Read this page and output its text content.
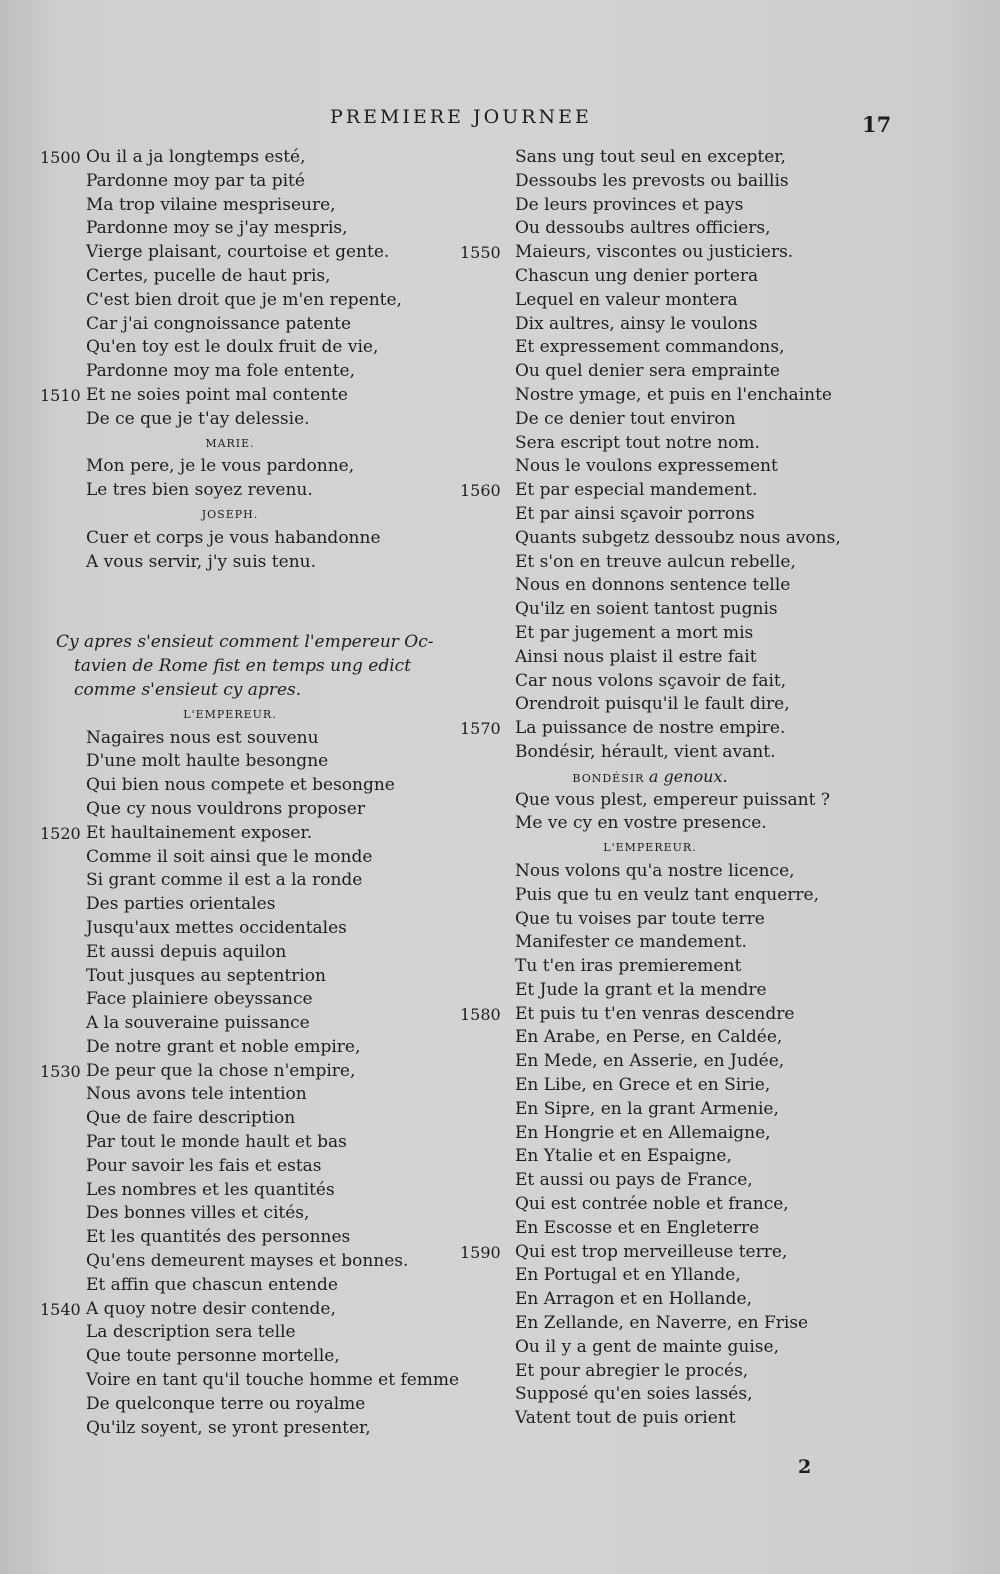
PREMIERE JOURNEE	17
1500 Ou il a ja longtemps esté,
Pardonne moy par ta pité
Ma trop vilaine mespriseure,
Pardonne moy se j'ay mespris,
Vierge plaisant, courtoise et gente.
Certes, pucelle de haut pris,
C'est bien droit que je m'en repente,
Car j'ai congnoissance patente
Qu'en toy est le doulx fruit de vie,
Pardonne moy ma fole entente,
1510 Et ne soies point mal contente
De ce que je t'ay delessie.
MARIE.
Mon pere, je le vous pardonne,
Le tres bien soyez revenu.
JOSEPH.
Cuer et corps je vous habandonne
A vous servir, j'y suis tenu.
Cy apres s'ensieut comment l'empereur Oc-
tavien de Rome fist en temps ung edict
comme s'ensieut cy apres.
L'EMPEREUR.
Nagaires nous est souvenu
D'une molt haulte besongne
Qui bien nous compete et besongne
Que cy nous vouldrons proposer
1520 Et haultainement exposer.
Comme il soit ainsi que le monde
Si grant comme il est a la ronde
Des parties orientales
Jusqu'aux mettes occidentales
Et aussi depuis aquilon
Tout jusques au septentrion
Face plainiere obeyssance
A la souveraine puissance
De notre grant et noble empire,
1530 De peur que la chose n'empire,
Nous avons tele intention
Que de faire description
Par tout le monde hault et bas
Pour savoir les fais et estas
Les nombres et les quantités
Des bonnes villes et cités,
Et les quantités des personnes
Qu'ens demeurent mayses et bonnes.
Et affin que chascun entende
1540 A quoy notre desir contende,
La description sera telle
Que toute personne mortelle,
Voire en tant qu'il touche homme et femme
De quelconque terre ou royalme
Qu'ilz soyent, se yront presenter,
Sans ung tout seul en excepter,
Dessoubs les prevosts ou baillis
De leurs provinces et pays
Ou dessoubs aultres officiers,
1550 Maieurs, viscontes ou justiciers.
Chascun ung denier portera
Lequel en valeur montera
Dix aultres, ainsy le voulons
Et expressement commandons,
Ou quel denier sera emprainte
Nostre ymage, et puis en l'enchainte
De ce denier tout environ
Sera escript tout notre nom.
Nous le voulons expressement
1560 Et par especial mandement.
Et par ainsi sçavoir porrons
Quants subgetz dessoubz nous avons,
Et s'on en treuve aulcun rebelle,
Nous en donnons sentence telle
Qu'ilz en soient tantost pugnis
Et par jugement a mort mis
Ainsi nous plaist il estre fait
Car nous volons sçavoir de fait,
Orendroit puisqu'il le fault dire,
1570 La puissance de nostre empire.
Bondésir, hérault, vient avant.
BONDÉSIR a genoux.
Que vous plest, empereur puissant ?
Me ve cy en vostre presence.
L'EMPEREUR.
Nous volons qu'a nostre licence,
Puis que tu en veulz tant enquerre,
Que tu voises par toute terre
Manifester ce mandement.
Tu t'en iras premierement
Et Jude la grant et la mendre
1580 Et puis tu t'en venras descendre
En Arabe, en Perse, en Caldée,
En Mede, en Asserie, en Judée,
En Libe, en Grece et en Sirie,
En Sipre, en la grant Armenie,
En Hongrie et en Allemaigne,
En Ytalie et en Espaigne,
Et aussi ou pays de France,
Qui est contrée noble et france,
En Escosse et en Engleterre
1590 Qui est trop merveilleuse terre,
En Portugal et en Yllande,
En Arragon et en Hollande,
En Zellande, en Naverre, en Frise
Ou il y a gent de mainte guise,
Et pour abregier le procés,
Supposé qu'en soies lassés,
Vatent tout de puis orient
2
